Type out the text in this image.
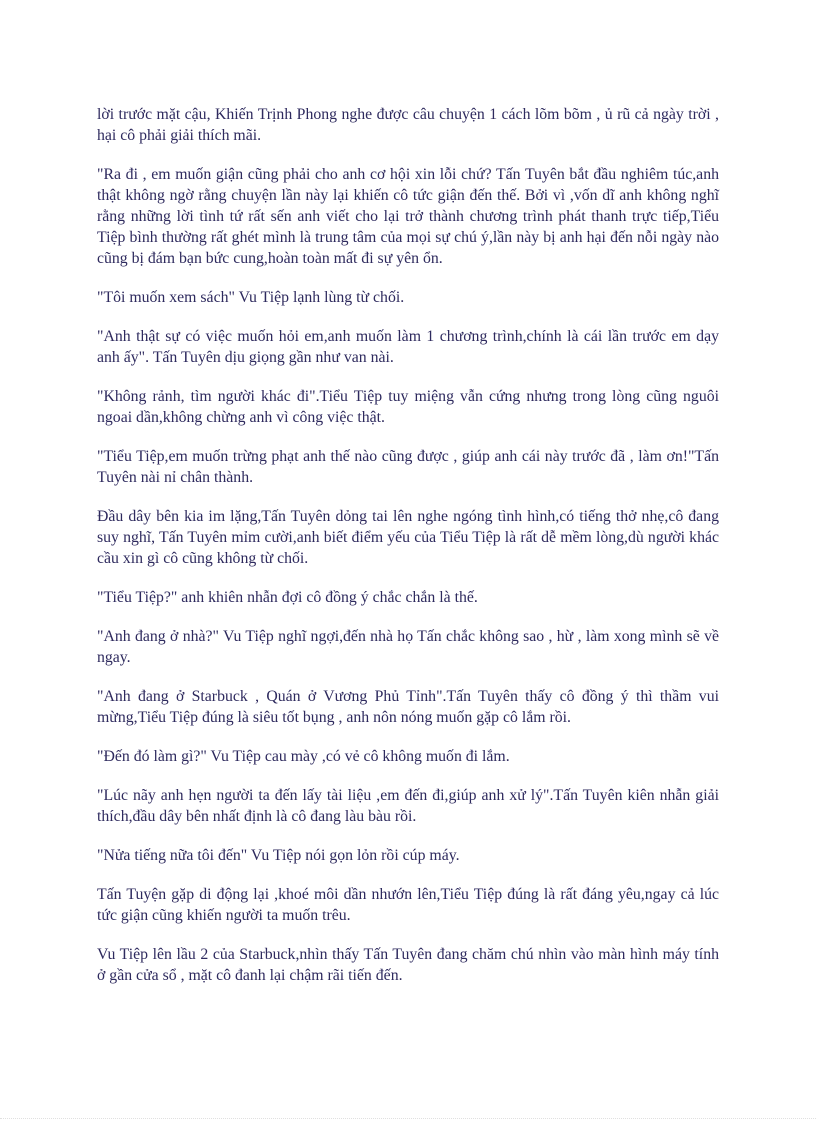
lời trước mặt cậu, Khiến Trịnh Phong nghe được câu chuyện 1 cách lõm bõm , ủ rũ cả ngày trời , hại cô phải giải thích mãi.

"Ra đi , em muốn giận cũng phải cho anh cơ hội xin lỗi chứ? Tấn Tuyên bắt đầu nghiêm túc,anh thật không ngờ rằng chuyện lần này lại khiến cô tức giận đến thế. Bởi vì ,vốn dĩ anh không nghĩ rằng những lời tình tứ rất sến anh viết cho lại trở thành chương trình phát thanh trực tiếp,Tiểu Tiệp bình thường rất ghét mình là trung tâm của mọi sự chú ý,lần này bị anh hại đến nỗi ngày nào cũng bị đám bạn bức cung,hoàn toàn mất đi sự yên ổn.

"Tôi muốn xem sách" Vu Tiệp lạnh lùng từ chối.

"Anh thật sự có việc muốn hỏi em,anh muốn làm 1 chương trình,chính là cái lần trước em dạy anh ấy". Tấn Tuyên dịu giọng gần như van nài.

"Không rảnh, tìm người khác đi".Tiểu Tiệp tuy miệng vẫn cứng nhưng trong lòng cũng nguôi ngoai dần,không chừng anh vì công việc thật.

"Tiểu Tiệp,em muốn trừng phạt anh thế nào cũng được , giúp anh cái này trước đã , làm ơn!"Tấn Tuyên nài nỉ chân thành.

Đầu dây bên kia im lặng,Tấn Tuyên dỏng tai lên nghe ngóng tình hình,có tiếng thở nhẹ,cô đang suy nghĩ, Tấn Tuyên mỉm cười,anh biết điểm yếu của Tiểu Tiệp là rất dễ mềm lòng,dù người khác cầu xin gì cô cũng không từ chối.

"Tiểu Tiệp?" anh khiên nhẫn đợi cô đồng ý chắc chắn là thế.

"Anh đang ở nhà?" Vu Tiệp nghĩ ngợi,đến nhà họ Tấn chắc không sao , hừ , làm xong mình sẽ về ngay.

"Anh đang ở Starbuck , Quán ở Vương Phủ Tỉnh".Tấn Tuyên thấy cô đồng ý thì thầm vui mừng,Tiểu Tiệp đúng là siêu tốt bụng , anh nôn nóng muốn gặp cô lắm rồi.

"Đến đó làm gì?" Vu Tiệp cau mày ,có vẻ cô không muốn đi lắm.

"Lúc nãy anh hẹn người ta đến lấy tài liệu ,em đến đi,giúp anh xử lý".Tấn Tuyên kiên nhẫn giải thích,đầu dây bên nhất định là cô đang làu bàu rồi.

"Nửa tiếng nữa tôi đến" Vu Tiệp nói gọn lỏn rồi cúp máy.

Tấn Tuyện gặp di động lại ,khoé môi dần nhướn lên,Tiểu Tiệp đúng là rất đáng yêu,ngay cả lúc tức giận cũng khiến người ta muốn trêu.

Vu Tiệp lên lầu 2 của Starbuck,nhìn thấy Tấn Tuyên đang chăm chú nhìn vào màn hình máy tính ở gần cửa sổ , mặt cô đanh lại chậm rãi tiến đến.
